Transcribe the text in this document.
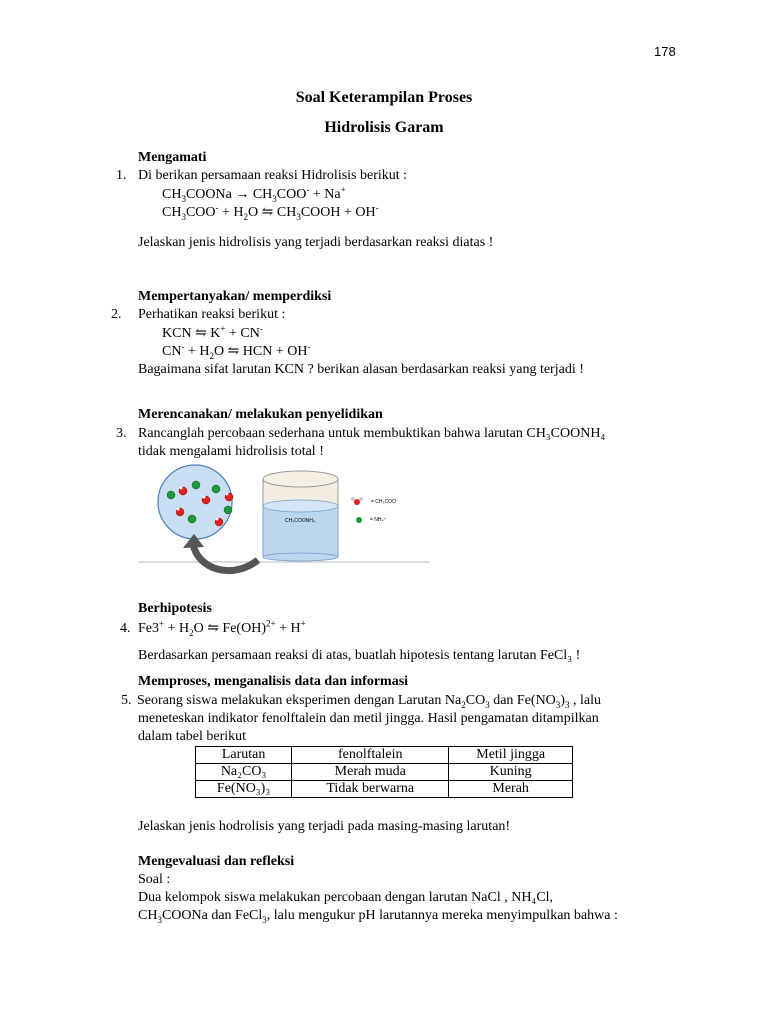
178
Soal Keterampilan Proses
Hidrolisis Garam
Mengamati
1. Di berikan persamaan reaksi Hidrolisis berikut :
$CH_3COONa \to CH_3COO^- + Na^+$
$CH_3COO^- + H_2O$ ⇋ $CH_3COOH + OH^-$
Jelaskan jenis hidrolisis yang terjadi berdasarkan reaksi diatas !
Mempertanyakan/ memperdiksi
2. Perhatikan reaksi berikut :
KCN ⇋ K+ + CN-
$CN^- + H_2O$ ⇋ HCN + OH-
Bagaimana sifat larutan KCN ? berikan alasan berdasarkan reaksi yang terjadi !
Merencanakan/ melakukan penyelidikan
3. Rancanglah percobaan sederhana untuk membuktikan bahwa larutan CH₃COONH₄
tidak mengalami hidrolisis total !
CH₃COONH₄
= CH₃COO⁻
= NH₄⁺
Berhipotesis
4. $Fe3^+ + H_2O$ ⇋ Fe(OH)$^{2+}$ + H+
Berdasarkan persamaan reaksi di atas, buatlah hipotesis tentang larutan FeCl₃ !
Memproses, menganalisis data dan informasi
5. Seorang siswa melakukan eksperimen dengan Larutan $Na_2CO_3$ dan $Fe(NO_3)_3$ , lalu
meneteskan indikator fenolftalein dan metil jingga. Hasil pengamatan ditampilkan
dalam tabel berikut
Larutan	fenolftalein	Metil jingga
Na₂CO₃	Merah muda	Kuning
Fe(NO₃)₃	Tidak berwarna	Merah
Jelaskan jenis hodrolisis yang terjadi pada masing-masing larutan!
Mengevaluasi dan refleksi
Soal :
Dua kelompok siswa melakukan percobaan dengan larutan NaCl , NH₄Cl,
$CH_3COONa$ dan FeCl$_3$, lalu mengukur pH larutannya mereka menyimpulkan bahwa :
